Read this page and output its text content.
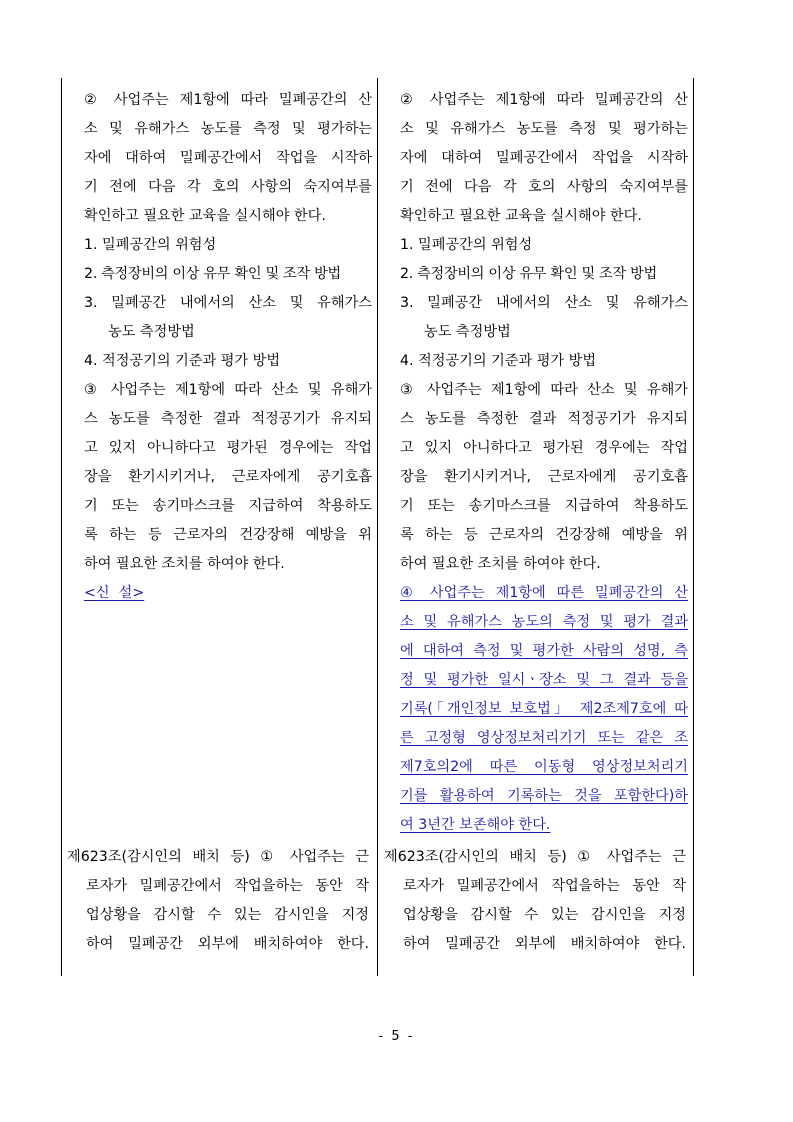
② 사업주는 제1항에 따라 밀폐공간의 산

소 및 유해가스 농도를 측정 및 평가하는

자에 대하여 밀폐공간에서 작업을 시작하

기 전에 다음 각 호의 사항의 숙지여부를

확인하고 필요한 교육을 실시해야 한다.

1. 밀폐공간의 위험성

2. 측정장비의 이상 유무 확인 및 조작 방법

3. 밀폐공간 내에서의 산소 및 유해가스

농도 측정방법

4. 적정공기의 기준과 평가 방법

③ 사업주는 제1항에 따라 산소 및 유해가

스 농도를 측정한 결과 적정공기가 유지되

고 있지 아니하다고 평가된 경우에는 작업

장을 환기시키거나, 근로자에게 공기호흡

기 또는 송기마스크를 지급하여 착용하도

록 하는 등 근로자의 건강장해 예방을 위

하여 필요한 조치를 하여야 한다.

<신  설>

② 사업주는 제1항에 따라 밀폐공간의 산

소 및 유해가스 농도를 측정 및 평가하는

자에 대하여 밀폐공간에서 작업을 시작하

기 전에 다음 각 호의 사항의 숙지여부를

확인하고 필요한 교육을 실시해야 한다.

1. 밀폐공간의 위험성

2. 측정장비의 이상 유무 확인 및 조작 방법

3. 밀폐공간 내에서의 산소 및 유해가스

농도 측정방법

4. 적정공기의 기준과 평가 방법

③ 사업주는 제1항에 따라 산소 및 유해가

스 농도를 측정한 결과 적정공기가 유지되

고 있지 아니하다고 평가된 경우에는 작업

장을 환기시키거나, 근로자에게 공기호흡

기 또는 송기마스크를 지급하여 착용하도

록 하는 등 근로자의 건강장해 예방을 위

하여 필요한 조치를 하여야 한다.

④ 사업주는 제1항에 따른 밀폐공간의 산

소 및 유해가스 농도의 측정 및 평가 결과

에 대하여 측정 및 평가한 사람의 성명, 측

정 및 평가한 일시ㆍ장소 및 그 결과 등을

기록(「개인정보 보호법」 제2조제7호에 따

른 고정형 영상정보처리기기 또는 같은 조

제7호의2에 따른 이동형 영상정보처리기

기를 활용하여 기록하는 것을 포함한다)하

여 3년간 보존해야 한다.

제623조(감시인의 배치 등) ① 사업주는 근

로자가 밀폐공간에서 작업을하는 동안 작

업상황을 감시할 수 있는 감시인을 지정

하여 밀폐공간 외부에 배치하여야 한다.

제623조(감시인의 배치 등) ① 사업주는 근

로자가 밀폐공간에서 작업을하는 동안 작

업상황을 감시할 수 있는 감시인을 지정

하여 밀폐공간 외부에 배치하여야 한다.

- 5 -
